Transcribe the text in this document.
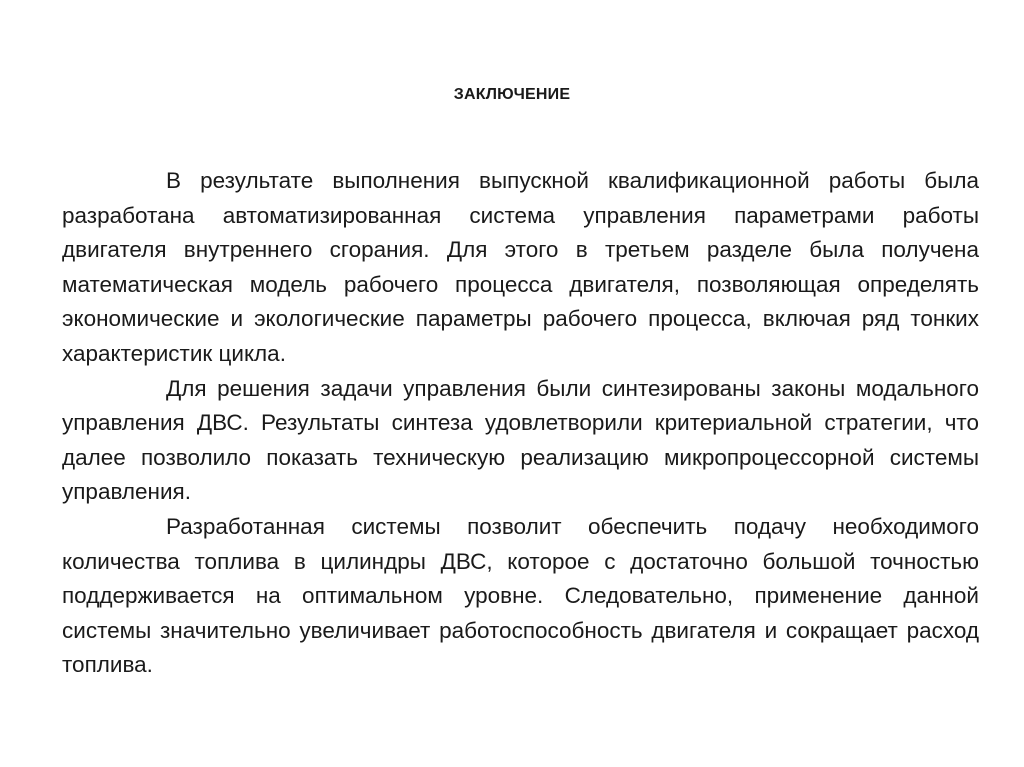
ЗАКЛЮЧЕНИЕ

В результате выполнения выпускной квалификационной работы была разработана автоматизированная система управления параметрами работы двигателя внутреннего сгорания. Для этого в третьем разделе была получена математическая модель рабочего процесса двигателя, позволяющая определять экономические и экологические параметры рабочего процесса, включая ряд тонких характеристик цикла.

Для решения задачи управления были синтезированы законы модального управления ДВС. Результаты синтеза удовлетворили критериальной стратегии, что далее позволило показать техническую реализацию микропроцессорной системы управления.

Разработанная системы позволит обеспечить подачу необходимого количества топлива в цилиндры ДВС, которое с достаточно большой точностью поддерживается на оптимальном уровне. Следовательно, применение данной системы значительно увеличивает работоспособность двигателя и сокращает расход топлива.
